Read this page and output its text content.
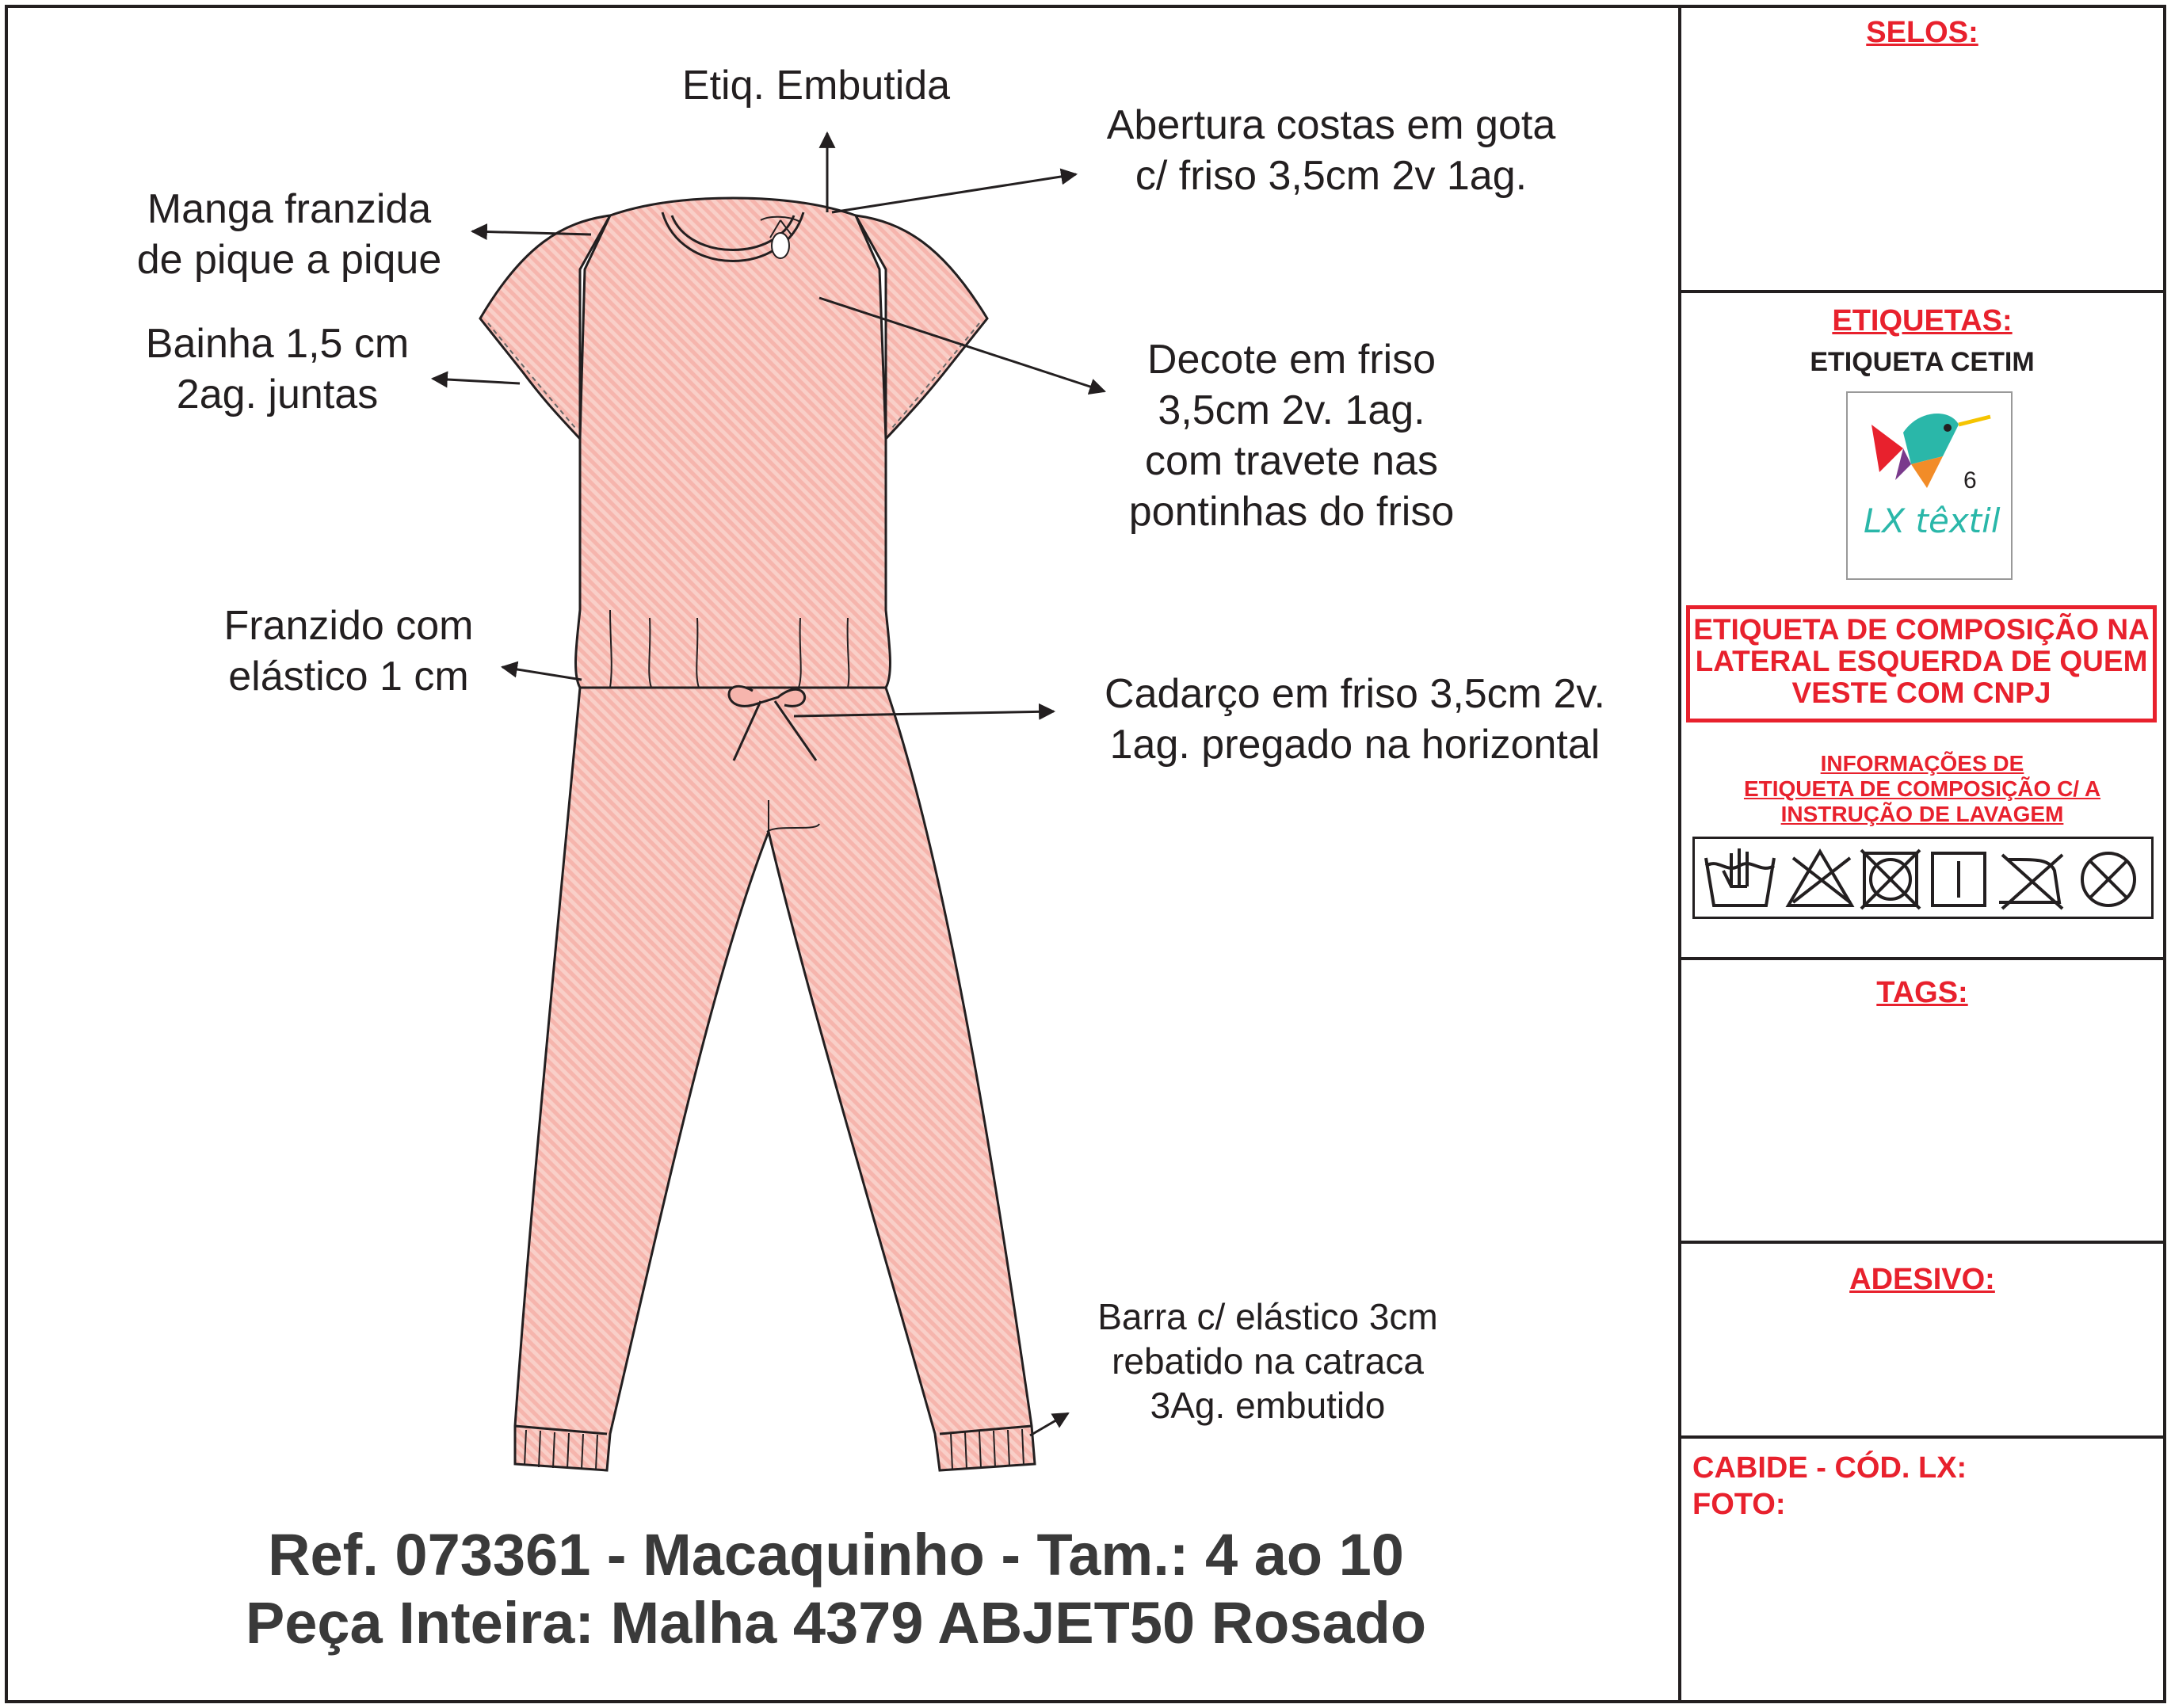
Etiq. Embutida
Abertura costas em gota
c/ friso 3,5cm 2v 1ag.
Manga franzida
de pique a pique
Bainha 1,5 cm
2ag. juntas
Decote em friso
3,5cm 2v. 1ag.
com travete nas
pontinhas do friso
Franzido com
elástico 1 cm	Cadarço em friso 3,5cm 2v.
1ag. pregado na horizontal
Barra c/ elástico 3cm
rebatido na catraca
3Ag. embutido
Ref. 073361 - Macaquinho - Tam.: 4 ao 10
Peça Inteira: Malha 4379 ABJET50 Rosado
SELOS:
ETIQUETAS:
ETIQUETA CETIM
6
LX têxtil
ETIQUETA DE COMPOSIÇÃO NA LATERAL ESQUERDA DE QUEM VESTE COM CNPJ
INFORMAÇÕES DE
ETIQUETA DE COMPOSIÇÃO C/ A
INSTRUÇÃO DE LAVAGEM
TAGS:
ADESIVO:
CABIDE - CÓD. LX:
FOTO:
